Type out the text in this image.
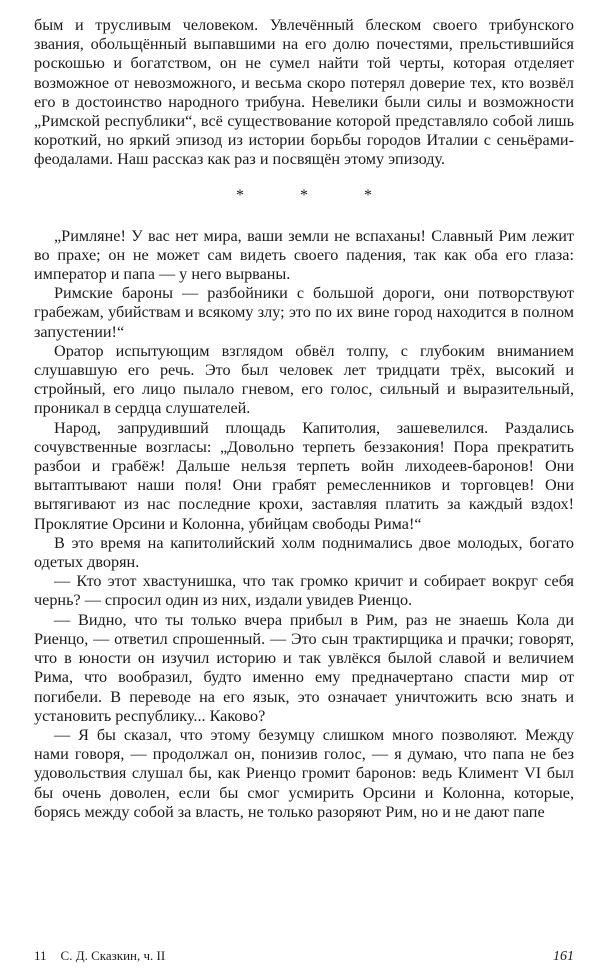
бым и трусливым человеком. Увлечённый блеском своего трибунского звания, обольщённый выпавшими на его долю почестями, прельстившийся роскошью и богатством, он не сумел найти той черты, которая отделяет возможное от невозможного, и весьма скоро потерял доверие тех, кто возвёл его в достоинство народного трибуна. Невелики были силы и возможности „Римской республики“, всё существование которой представляло собой лишь короткий, но яркий эпизод из истории борьбы городов Италии с сеньёрами-феодалами. Наш рассказ как раз и посвящён этому эпизоду.

* * *

„Римляне! У вас нет мира, ваши земли не вспаханы! Славный Рим лежит во прахе; он не может сам видеть своего падения, так как оба его глаза: император и папа — у него вырваны.

Римские бароны — разбойники с большой дороги, они потворствуют грабежам, убийствам и всякому злу; это по их вине город находится в полном запустении!“

Оратор испытующим взглядом обвёл толпу, с глубоким вниманием слушавшую его речь. Это был человек лет тридцати трёх, высокий и стройный, его лицо пылало гневом, его голос, сильный и выразительный, проникал в сердца слушателей.

Народ, запрудивший площадь Капитолия, зашевелился. Раздались сочувственные возгласы: „Довольно терпеть беззакония! Пора прекратить разбои и грабёж! Дальше нельзя терпеть войн лиходеев-баронов! Они вытаптывают наши поля! Они грабят ремесленников и торговцев! Они вытягивают из нас последние крохи, заставляя платить за каждый вздох! Проклятие Орсини и Колонна, убийцам свободы Рима!“

В это время на капитолийский холм поднимались двое молодых, богато одетых дворян.

— Кто этот хвастунишка, что так громко кричит и собирает вокруг себя чернь? — спросил один из них, издали увидев Риенцо.

— Видно, что ты только вчера прибыл в Рим, раз не знаешь Кола ди Риенцо, — ответил спрошенный. — Это сын трактирщика и прачки; говорят, что в юности он изучил историю и так увлёкся былой славой и величием Рима, что вообразил, будто именно ему предначертано спасти мир от погибели. В переводе на его язык, это означает уничтожить всю знать и установить республику... Каково?

— Я бы сказал, что этому безумцу слишком много позволяют. Между нами говоря, — продолжал он, понизив голос, — я думаю, что папа не без удовольствия слушал бы, как Риенцо громит баронов: ведь Климент VI был бы очень доволен, если бы смог усмирить Орсини и Колонна, которые, борясь между собой за власть, не только разоряют Рим, но и не дают папе

11 С. Д. Сказкин, ч. II	161
